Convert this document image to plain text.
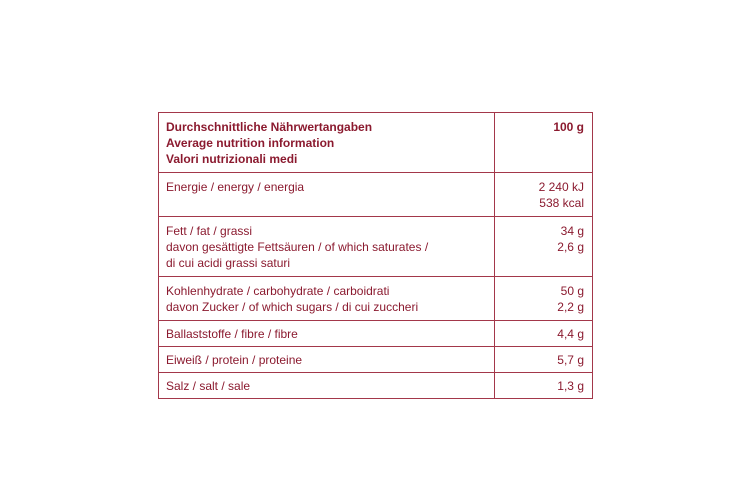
Durchschnittliche Nährwertangaben
Average nutrition information
Valori nutrizionali medi	100 g

Energie / energy / energia	2 240 kJ
538 kcal

Fett / fat / grassi
davon gesättigte Fettsäuren / of which saturates /
di cui acidi grassi saturi	34 g
2,6 g

Kohlenhydrate / carbohydrate / carboidrati
davon Zucker / of which sugars / di cui zuccheri	50 g
2,2 g

Ballaststoffe / fibre / fibre	4,4 g

Eiweiß / protein / proteine	5,7 g

Salz / salt / sale	1,3 g
